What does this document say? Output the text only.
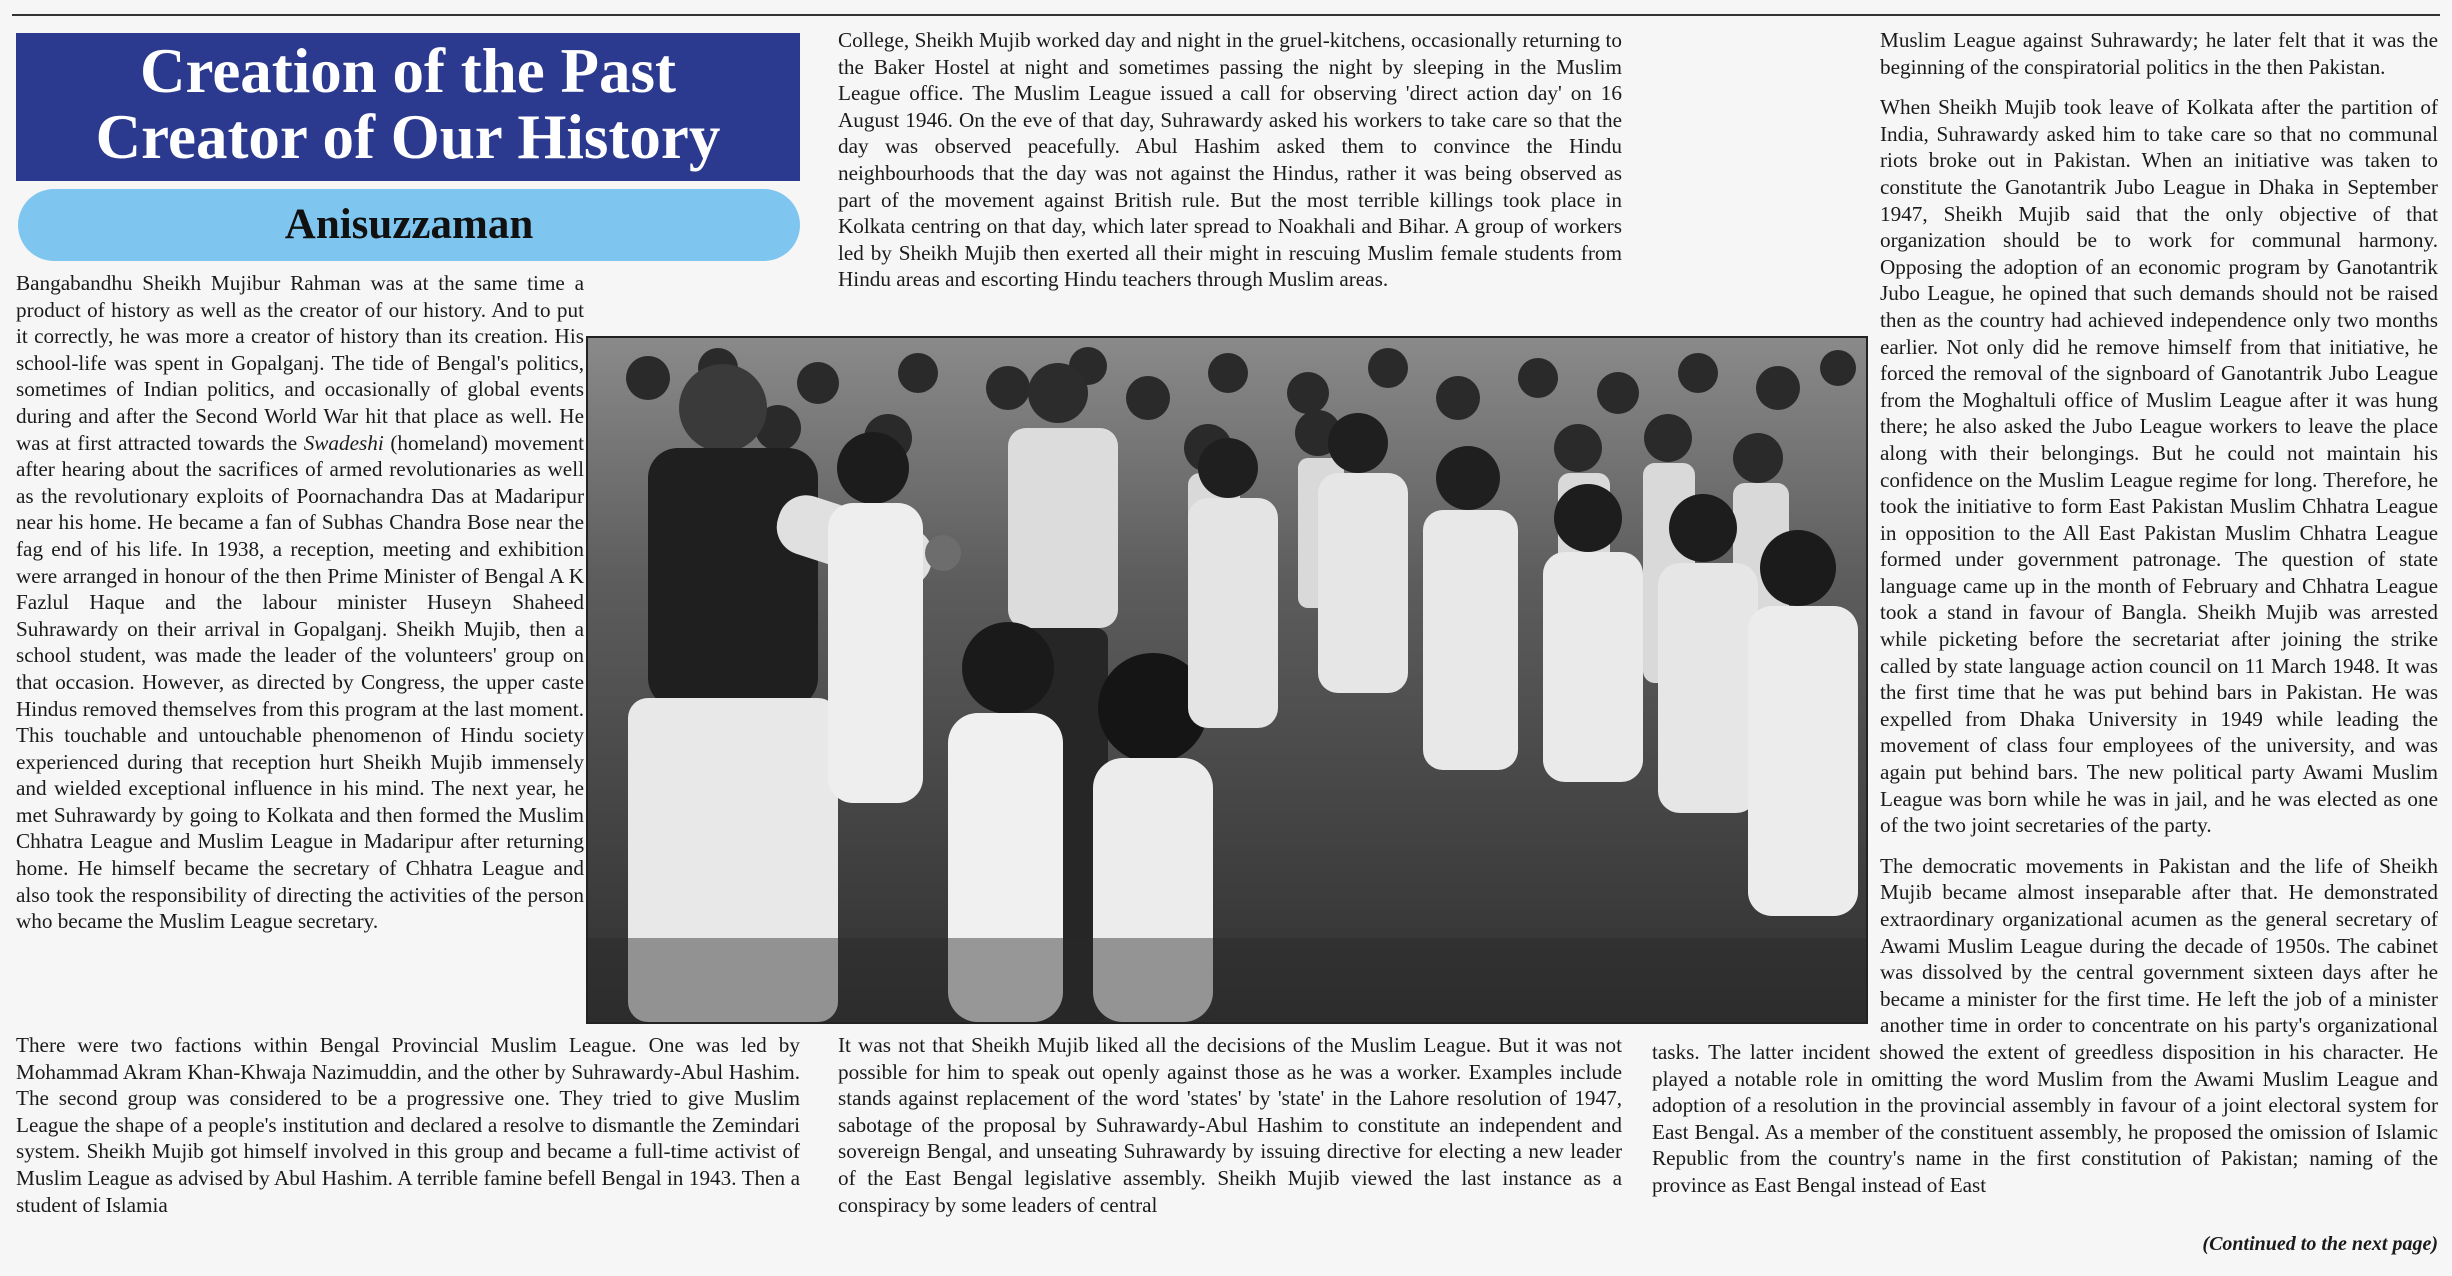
Creation of the Past
Creator of Our History
Anisuzzaman

Bangabandhu Sheikh Mujibur Rahman was at the same time a product of history as well as the creator of our history. And to put it correctly, he was more a creator of history than its creation. His school-life was spent in Gopalganj. The tide of Bengal's politics, sometimes of Indian politics, and occasionally of global events during and after the Second World War hit that place as well. He was at first attracted towards the Swadeshi (homeland) movement after hearing about the sacrifices of armed revolutionaries as well as the revolutionary exploits of Poornachandra Das at Madaripur near his home. He became a fan of Subhas Chandra Bose near the fag end of his life. In 1938, a reception, meeting and exhibition were arranged in honour of the then Prime Minister of Bengal A K Fazlul Haque and the labour minister Huseyn Shaheed Suhrawardy on their arrival in Gopalganj. Sheikh Mujib, then a school student, was made the leader of the volunteers' group on that occasion. However, as directed by Congress, the upper caste Hindus removed themselves from this program at the last moment. This touchable and untouchable phenomenon of Hindu society experienced during that reception hurt Sheikh Mujib immensely and wielded exceptional influence in his mind. The next year, he met Suhrawardy by going to Kolkata and then formed the Muslim Chhatra League and Muslim League in Madaripur after returning home. He himself became the secretary of Chhatra League and also took the responsibility of directing the activities of the person who became the Muslim League secretary.

There were two factions within Bengal Provincial Muslim League. One was led by Mohammad Akram Khan-Khwaja Nazimuddin, and the other by Suhrawardy-Abul Hashim. The second group was considered to be a progressive one. They tried to give Muslim League the shape of a people's institution and declared a resolve to dismantle the Zemindari system. Sheikh Mujib got himself involved in this group and became a full-time activist of Muslim League as advised by Abul Hashim. A terrible famine befell Bengal in 1943. Then a student of Islamia

College, Sheikh Mujib worked day and night in the gruel-kitchens, occasionally returning to the Baker Hostel at night and sometimes passing the night by sleeping in the Muslim League office. The Muslim League issued a call for observing 'direct action day' on 16 August 1946. On the eve of that day, Suhrawardy asked his workers to take care so that the day was observed peacefully. Abul Hashim asked them to convince the Hindu neighbourhoods that the day was not against the Hindus, rather it was being observed as part of the movement against British rule. But the most terrible killings took place in Kolkata centring on that day, which later spread to Noakhali and Bihar. A group of workers led by Sheikh Mujib then exerted all their might in rescuing Muslim female students from Hindu areas and escorting Hindu teachers through Muslim areas.

It was not that Sheikh Mujib liked all the decisions of the Muslim League. But it was not possible for him to speak out openly against those as he was a worker. Examples include stands against replacement of the word 'states' by 'state' in the Lahore resolution of 1947, sabotage of the proposal by Suhrawardy-Abul Hashim to constitute an independent and sovereign Bengal, and unseating Suhrawardy by issuing directive for electing a new leader of the East Bengal legislative assembly. Sheikh Mujib viewed the last instance as a conspiracy by some leaders of central

Muslim League against Suhrawardy; he later felt that it was the beginning of the conspiratorial politics in the then Pakistan.

When Sheikh Mujib took leave of Kolkata after the partition of India, Suhrawardy asked him to take care so that no communal riots broke out in Pakistan. When an initiative was taken to constitute the Ganotantrik Jubo League in Dhaka in September 1947, Sheikh Mujib said that the only objective of that organization should be to work for communal harmony. Opposing the adoption of an economic program by Ganotantrik Jubo League, he opined that such demands should not be raised then as the country had achieved independence only two months earlier. Not only did he remove himself from that initiative, he forced the removal of the signboard of Ganotantrik Jubo League from the Moghaltuli office of Muslim League after it was hung there; he also asked the Jubo League workers to leave the place along with their belongings. But he could not maintain his confidence on the Muslim League regime for long. Therefore, he took the initiative to form East Pakistan Muslim Chhatra League in opposition to the All East Pakistan Muslim Chhatra League formed under government patronage. The question of state language came up in the month of February and Chhatra League took a stand in favour of Bangla. Sheikh Mujib was arrested while picketing before the secretariat after joining the strike called by state language action council on 11 March 1948. It was the first time that he was put behind bars in Pakistan. He was expelled from Dhaka University in 1949 while leading the movement of class four employees of the university, and was again put behind bars. The new political party Awami Muslim League was born while he was in jail, and he was elected as one of the two joint secretaries of the party.

The democratic movements in Pakistan and the life of Sheikh Mujib became almost inseparable after that. He demonstrated extraordinary organizational acumen as the general secretary of Awami Muslim League during the decade of 1950s. The cabinet was dissolved by the central government sixteen days after he became a minister for the first time. He left the job of a minister another time in order to concentrate on his party's organizational tasks. The latter incident showed the extent of greedless disposition in his character. He played a notable role in omitting the word Muslim from the Awami Muslim League and adoption of a resolution in the provincial assembly in favour of a joint electoral system for East Bengal. As a member of the constituent assembly, he proposed the omission of Islamic Republic from the country's name in the first constitution of Pakistan; naming of the province as East Bengal instead of East

(Continued to the next page)
